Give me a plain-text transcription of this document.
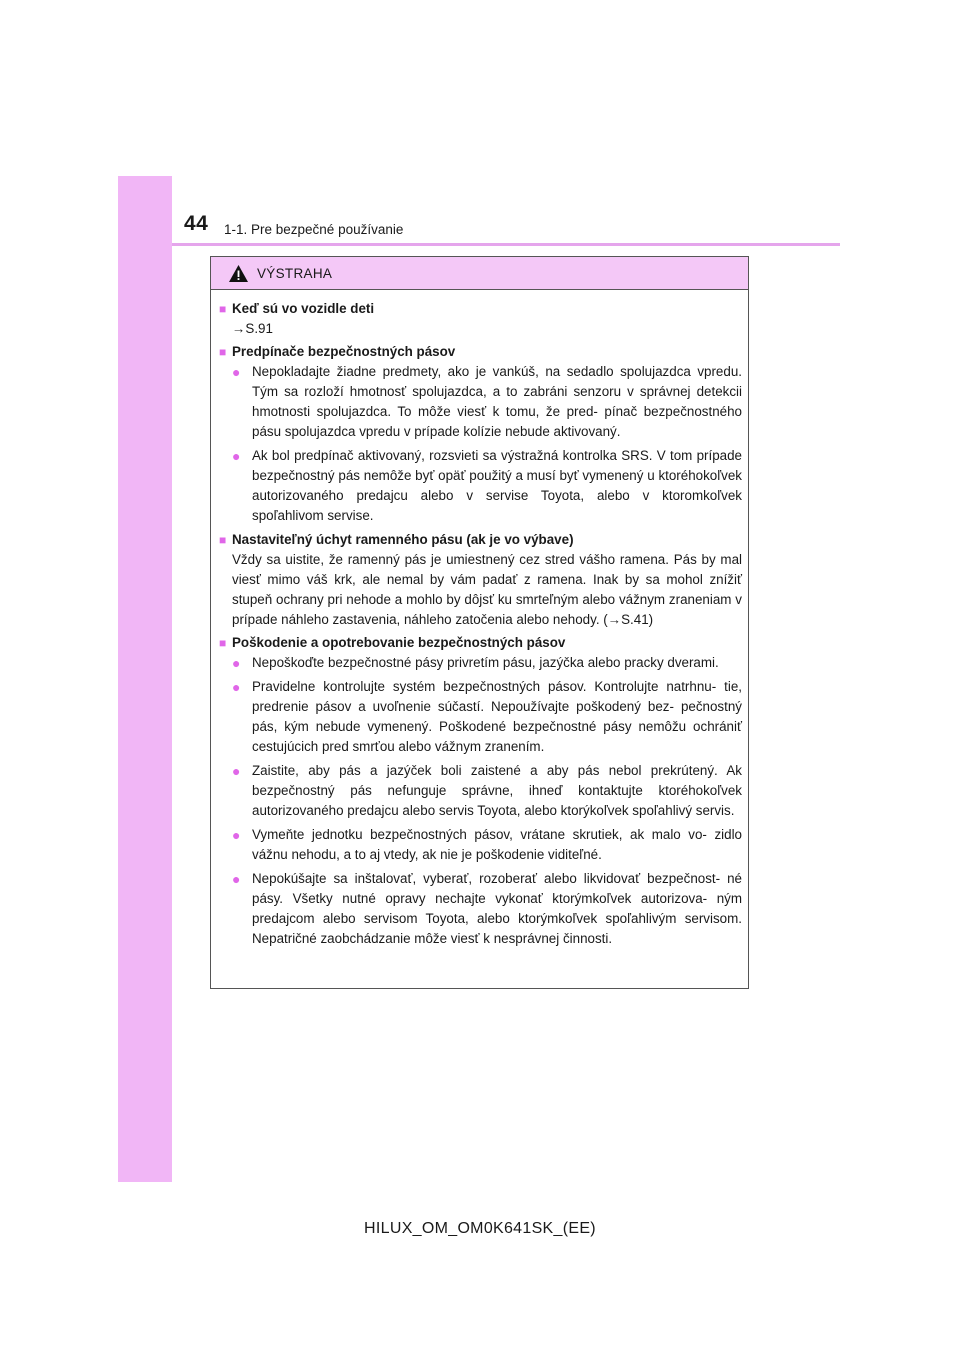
44 1-1. Pre bezpečné používanie
VÝSTRAHA
■ Keď sú vo vozidle deti
→S.91
■ Predpínače bezpečnostných pásov
● Nepokladajte žiadne predmety, ako je vankúš, na sedadlo spolujazdca vpredu. Tým sa rozloží hmotnosť spolujazdca, a to zabráni senzoru v správnej detekcii hmotnosti spolujazdca. To môže viesť k tomu, že pred- pínač bezpečnostného pásu spolujazdca vpredu v prípade kolízie nebude aktivovaný.
● Ak bol predpínač aktivovaný, rozsvieti sa výstražná kontrolka SRS. V tom prípade bezpečnostný pás nemôže byť opäť použitý a musí byť vymenený u ktoréhokoľvek autorizovaného predajcu alebo v servise Toyota, alebo v ktoromkoľvek spoľahlivom servise.
■ Nastaviteľný úchyt ramenného pásu (ak je vo výbave)
Vždy sa uistite, že ramenný pás je umiestnený cez stred vášho ramena. Pás by mal viesť mimo váš krk, ale nemal by vám padať z ramena. Inak by sa mohol znížiť stupeň ochrany pri nehode a mohlo by dôjsť ku smrteľným alebo vážnym zraneniam v prípade náhleho zastavenia, náhleho zatočenia alebo nehody. (→S.41)
■ Poškodenie a opotrebovanie bezpečnostných pásov
● Nepoškoďte bezpečnostné pásy privretím pásu, jazýčka alebo pracky dverami.
● Pravidelne kontrolujte systém bezpečnostných pásov. Kontrolujte natrhnu- tie, predrenie pásov a uvoľnenie súčastí. Nepoužívajte poškodený bez- pečnostný pás, kým nebude vymenený. Poškodené bezpečnostné pásy nemôžu ochrániť cestujúcich pred smrťou alebo vážnym zranením.
● Zaistite, aby pás a jazýček boli zaistené a aby pás nebol prekrútený. Ak bezpečnostný pás nefunguje správne, ihneď kontaktujte ktoréhokoľvek autorizovaného predajcu alebo servis Toyota, alebo ktorýkoľvek spoľahlivý servis.
● Vymeňte jednotku bezpečnostných pásov, vrátane skrutiek, ak malo vo- zidlo vážnu nehodu, a to aj vtedy, ak nie je poškodenie viditeľné.
● Nepokúšajte sa inštalovať, vyberať, rozoberať alebo likvidovať bezpečnost- né pásy. Všetky nutné opravy nechajte vykonať ktorýmkoľvek autorizova- ným predajcom alebo servisom Toyota, alebo ktorýmkoľvek spoľahlivým servisom. Nepatričné zaobchádzanie môže viesť k nesprávnej činnosti.
HILUX_OM_OM0K641SK_(EE)
